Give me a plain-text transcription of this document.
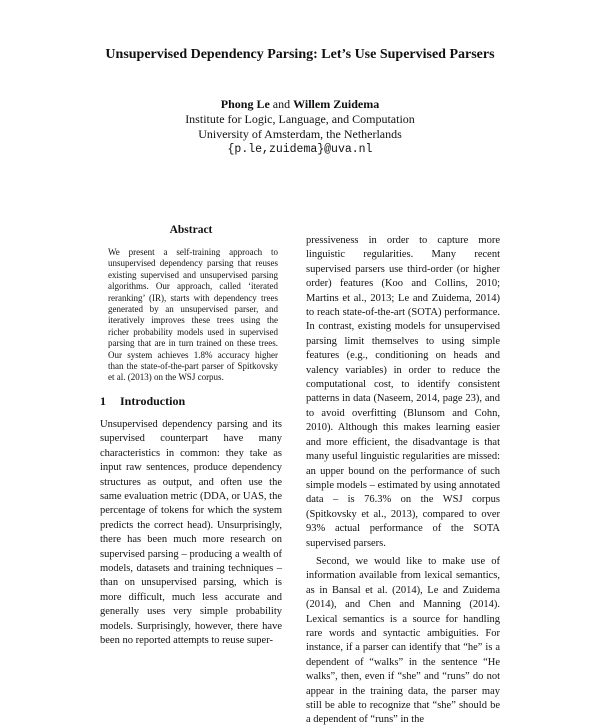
Unsupervised Dependency Parsing: Let’s Use Supervised Parsers
Phong Le and Willem Zuidema
Institute for Logic, Language, and Computation
University of Amsterdam, the Netherlands
{p.le,zuidema}@uva.nl
Abstract

We present a self-training approach to unsupervised dependency parsing that reuses existing supervised and unsupervised parsing algorithms. Our approach, called ‘iterated reranking’ (IR), starts with dependency trees generated by an unsupervised parser, and iteratively improves these trees using the richer probability models used in supervised parsing that are in turn trained on these trees. Our system achieves 1.8% accuracy higher than the state-of-the-part parser of Spitkovsky et al. (2013) on the WSJ corpus.

1 Introduction

Unsupervised dependency parsing and its supervised counterpart have many characteristics in common: they take as input raw sentences, produce dependency structures as output, and often use the same evaluation metric (DDA, or UAS, the percentage of tokens for which the system predicts the correct head). Unsurprisingly, there has been much more research on supervised parsing – producing a wealth of models, datasets and training techniques – than on unsupervised parsing, which is more difficult, much less accurate and generally uses very simple probability models. Surprisingly, however, there have been no reported attempts to reuse super-

pressiveness in order to capture more linguistic regularities. Many recent supervised parsers use third-order (or higher order) features (Koo and Collins, 2010; Martins et al., 2013; Le and Zuidema, 2014) to reach state-of-the-art (SOTA) performance. In contrast, existing models for unsupervised parsing limit themselves to using simple features (e.g., conditioning on heads and valency variables) in order to reduce the computational cost, to identify consistent patterns in data (Naseem, 2014, page 23), and to avoid overfitting (Blunsom and Cohn, 2010). Although this makes learning easier and more efficient, the disadvantage is that many useful linguistic regularities are missed: an upper bound on the performance of such simple models – estimated by using annotated data – is 76.3% on the WSJ corpus (Spitkovsky et al., 2013), compared to over 93% actual performance of the SOTA supervised parsers.

Second, we would like to make use of information available from lexical semantics, as in Bansal et al. (2014), Le and Zuidema (2014), and Chen and Manning (2014). Lexical semantics is a source for handling rare words and syntactic ambiguities. For instance, if a parser can identify that “he” is a dependent of “walks” in the sentence “He walks”, then, even if “she” and “runs” do not appear in the training data, the parser may still be able to recognize that “she” should be a dependent of “runs” in the
